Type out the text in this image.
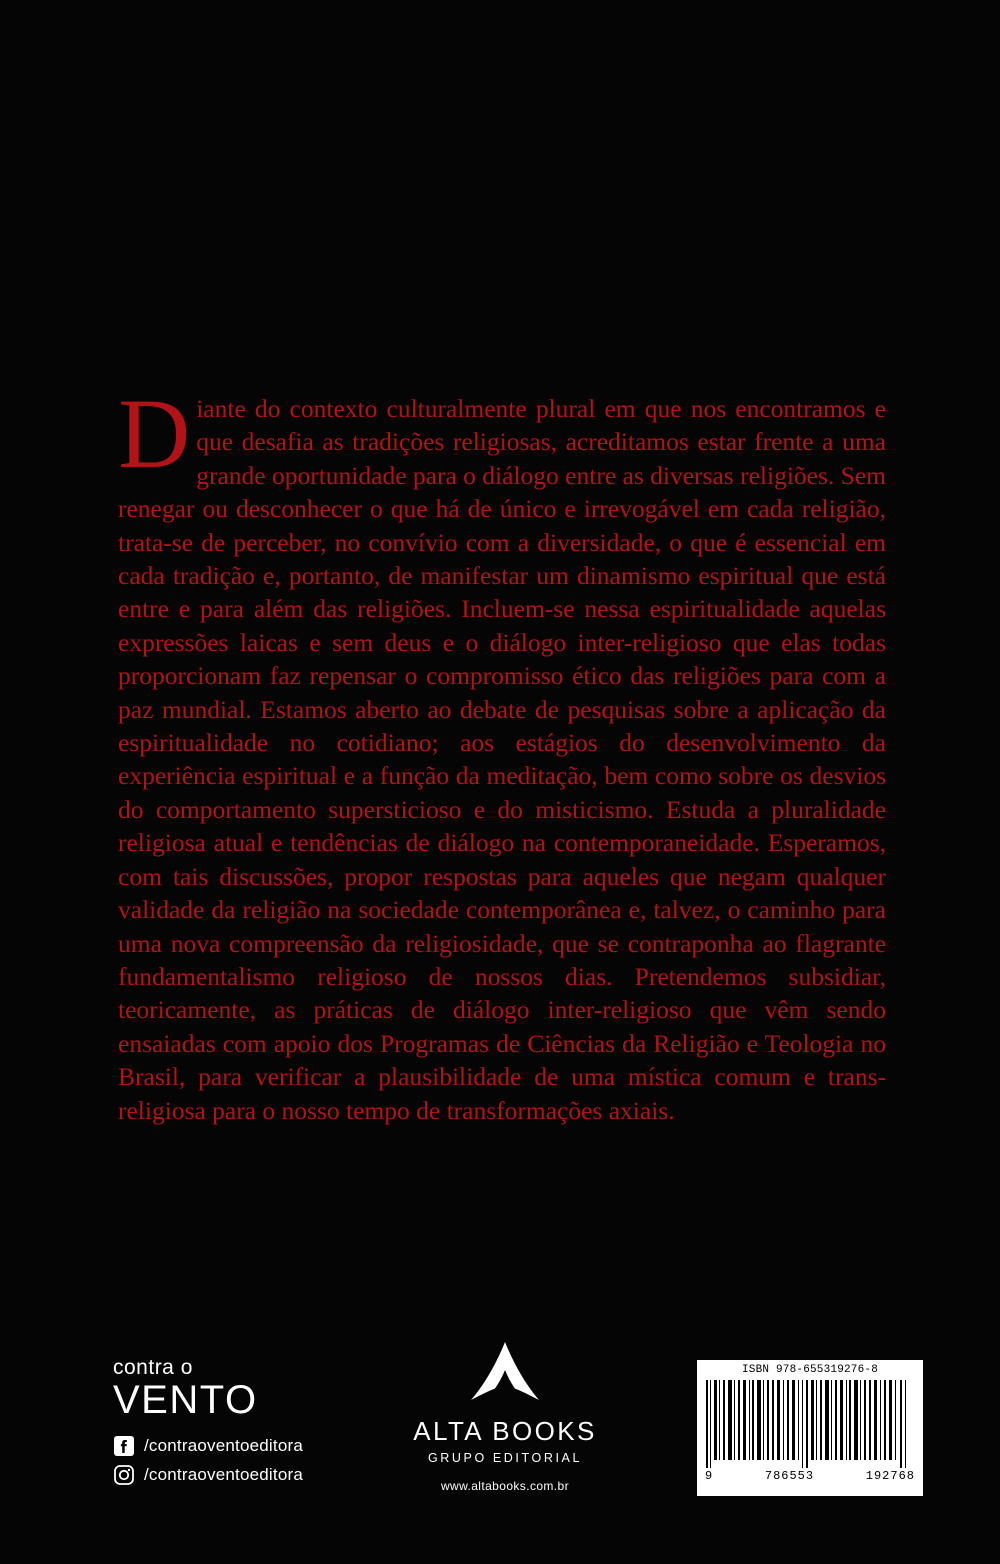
Diante do contexto culturalmente plural em que nos encontramos e que desafia as tradições religiosas, acreditamos estar frente a uma grande oportunidade para o diálogo entre as diversas religiões. Sem renegar ou desconhecer o que há de único e irrevogável em cada religião, trata-se de perceber, no convívio com a diversidade, o que é essencial em cada tradição e, portanto, de manifestar um dinamismo espiritual que está entre e para além das religiões. Incluem-se nessa espiritualidade aquelas expressões laicas e sem deus e o diálogo inter-religioso que elas todas proporcionam faz repensar o compromisso ético das religiões para com a paz mundial. Estamos aberto ao debate de pesquisas sobre a aplicação da espiritualidade no cotidiano; aos estágios do desenvolvimento da experiência espiritual e a função da meditação, bem como sobre os desvios do comportamento supersticioso e do misticismo. Estuda a pluralidade religiosa atual e tendências de diálogo na contemporaneidade. Esperamos, com tais discussões, propor respostas para aqueles que negam qualquer validade da religião na sociedade contemporânea e, talvez, o caminho para uma nova compreensão da religiosidade, que se contraponha ao flagrante fundamentalismo religioso de nossos dias. Pretendemos subsidiar, teoricamente, as práticas de diálogo inter-religioso que vêm sendo ensaiadas com apoio dos Programas de Ciências da Religião e Teologia no Brasil, para verificar a plausibilidade de uma mística comum e trans-religiosa para o nosso tempo de transformações axiais.
contra o
VENTO
/contraoventoeditora
/contraoventoeditora
ALTA BOOKS
GRUPO EDITORIAL
www.altabooks.com.br
ISBN 978-655319276-8
9	786553	192768
